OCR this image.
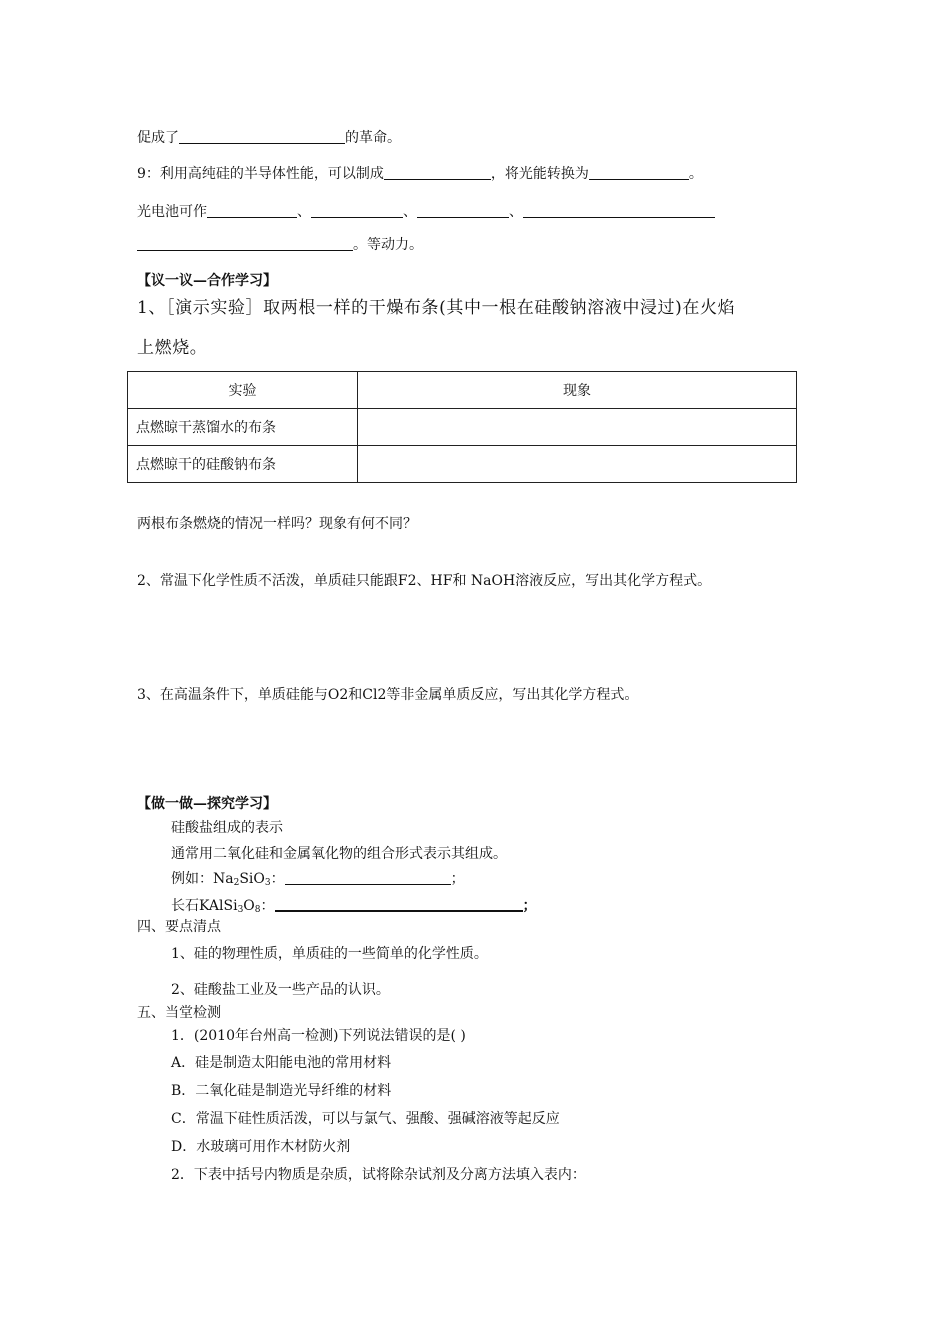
促成了	的革命。
9：利用高纯硅的半导体性能，可以制成	，将光能转换为	。
光电池可作	、	、	、
。等动力。
【议一议—合作学习】
1、［演示实验］取两根一样的干燥布条(其中一根在硅酸钠溶液中浸过)在火焰
上燃烧。
实验	现象
点燃晾干蒸馏水的布条	
点燃晾干的硅酸钠布条	
两根布条燃烧的情况一样吗？现象有何不同？
2、常温下化学性质不活泼，单质硅只能跟F2、HF和 NaOH溶液反应，写出其化学方程式。
3、在高温条件下，单质硅能与O2和Cl2等非金属单质反应，写出其化学方程式。
【做一做—探究学习】
硅酸盐组成的表示
通常用二氧化硅和金属氧化物的组合形式表示其组成。
例如：$Na_2SiO_3$：	；
长石$KAlSi_3O_8$：	；
四、要点清点
1、硅的物理性质，单质硅的一些简单的化学性质。
2、硅酸盐工业及一些产品的认识。
五、当堂检测
1．(2010年台州高一检测)下列说法错误的是( )
A．硅是制造太阳能电池的常用材料
B．二氧化硅是制造光导纤维的材料
C．常温下硅性质活泼，可以与氯气、强酸、强碱溶液等起反应
D．水玻璃可用作木材防火剂
2．下表中括号内物质是杂质，试将除杂试剂及分离方法填入表内：
